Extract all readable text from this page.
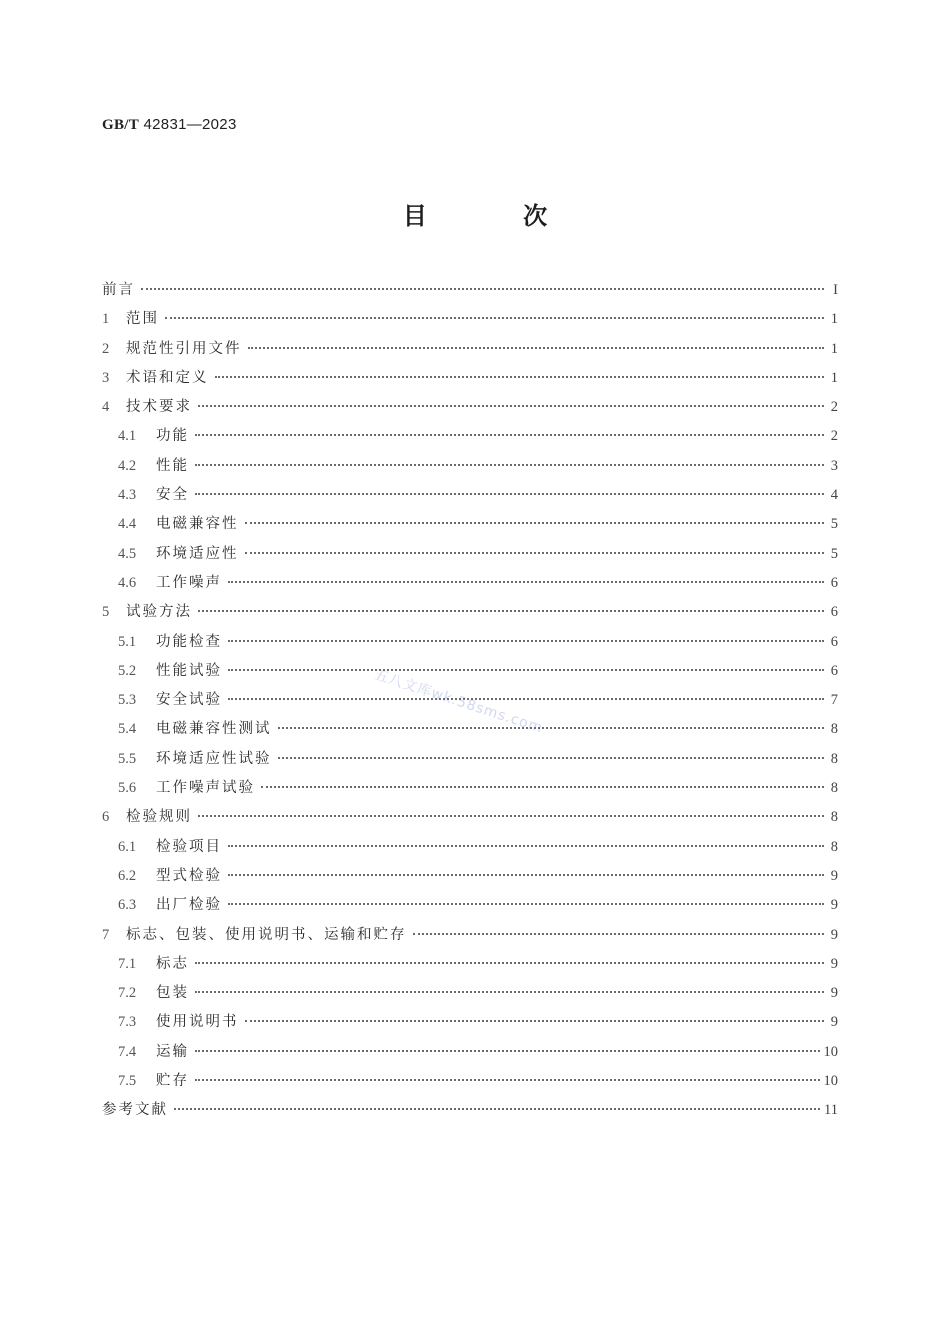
GB/T 42831—2023
目 次
前言	I
1	范围	1
2	规范性引用文件	1
3	术语和定义	1
4	技术要求	2
4.1	功能	2
4.2	性能	3
4.3	安全	4
4.4	电磁兼容性	5
4.5	环境适应性	5
4.6	工作噪声	6
5	试验方法	6
5.1	功能检查	6
5.2	性能试验	6
5.3	安全试验	7
5.4	电磁兼容性测试	8
5.5	环境适应性试验	8
5.6	工作噪声试验	8
6	检验规则	8
6.1	检验项目	8
6.2	型式检验	9
6.3	出厂检验	9
7	标志、包装、使用说明书、运输和贮存	9
7.1	标志	9
7.2	包装	9
7.3	使用说明书	9
7.4	运输	10
7.5	贮存	10
参考文献	11
五八文库wk.58sms.com
